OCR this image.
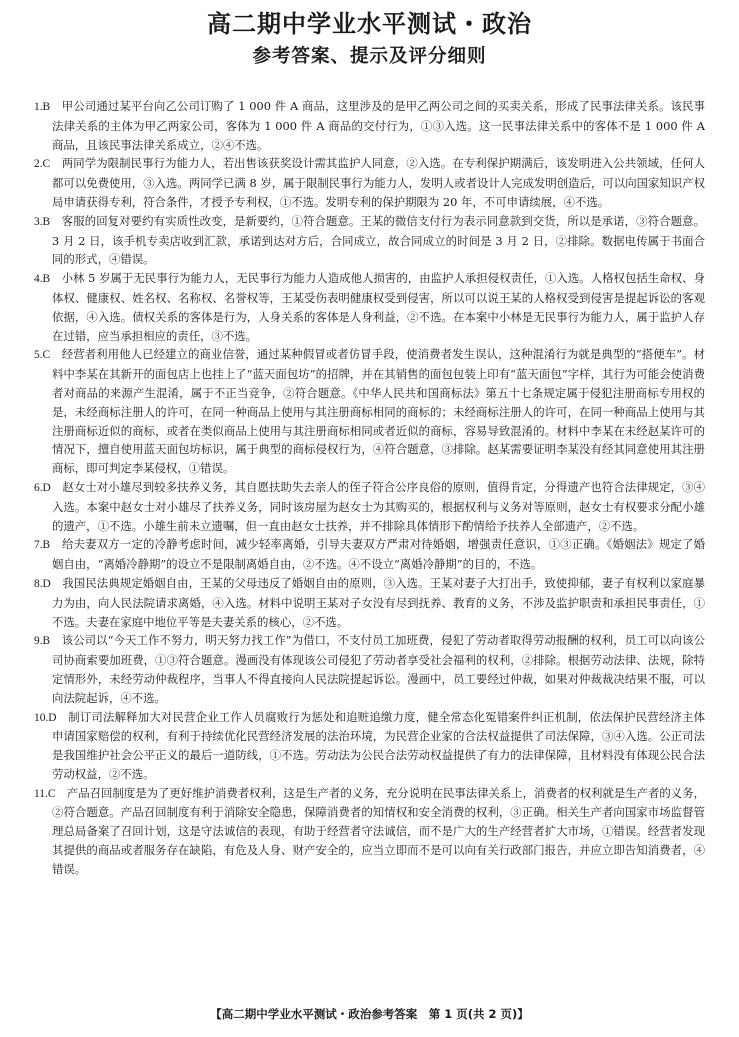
高二期中学业水平测试・政治
参考答案、提示及评分细则
1.B　 甲公司通过某平台向乙公司订购了 1 000 件 A 商品，这里涉及的是甲乙两公司之间的买卖关系，形成了民事法律关系。该民事法律关系的主体为甲乙两家公司，客体为 1 000 件 A 商品的交付行为，①③入选。这一民事法律关系中的客体不是 1 000 件 A 商品，且该民事法律关系成立，②④不选。
2.C　 两同学为限制民事行为能力人，若出售该获奖设计需其监护人同意，②入选。在专利保护期满后，该发明进入公共领域，任何人都可以免费使用，③入选。两同学已满 8 岁，属于限制民事行为能力人，发明人或者设计人完成发明创造后，可以向国家知识产权局申请获得专利，符合条件，才授予专利权，①不选。发明专利的保护期限为 20 年，不可申请续展，④不选。
3.B　 客服的回复对要约有实质性改变，是新要约，①符合题意。王某的微信支付行为表示同意款到交货，所以是承诺，③符合题意。3 月 2 日，该手机专卖店收到汇款，承诺到达对方后，合同成立，故合同成立的时间是 3 月 2 日，②排除。数据电传属于书面合同的形式，④错误。
4.B　 小林 5 岁属于无民事行为能力人，无民事行为能力人造成他人损害的，由监护人承担侵权责任，①入选。人格权包括生命权、身体权、健康权、姓名权、名称权、名誉权等，王某受伤表明健康权受到侵害，所以可以说王某的人格权受到侵害是提起诉讼的客观依据，④入选。债权关系的客体是行为，人身关系的客体是人身利益，②不选。在本案中小林是无民事行为能力人，属于监护人存在过错，应当承担相应的责任，③不选。
5.C　 经营者利用他人已经建立的商业信誉，通过某种假冒或者仿冒手段，使消费者发生误认，这种混淆行为就是典型的“搭便车”。材料中李某在其新开的面包店上也挂上了“蓝天面包坊”的招牌，并在其销售的面包包装上印有“蓝天面包”字样，其行为可能会使消费者对商品的来源产生混淆，属于不正当竞争，②符合题意。《中华人民共和国商标法》第五十七条规定属于侵犯注册商标专用权的是，未经商标注册人的许可，在同一种商品上使用与其注册商标相同的商标的；未经商标注册人的许可，在同一种商品上使用与其注册商标近似的商标，或者在类似商品上使用与其注册商标相同或者近似的商标，容易导致混淆的。材料中李某在未经赵某许可的情况下，擅自使用蓝天面包坊标识，属于典型的商标侵权行为，④符合题意，③排除。赵某需要证明李某没有经其同意使用其注册商标，即可判定李某侵权，①错误。
6.D　 赵女士对小雄尽到较多扶养义务，其自愿扶助失去亲人的侄子符合公序良俗的原则，值得肯定，分得遗产也符合法律规定，③④入选。本案中赵女士对小雄尽了扶养义务，同时该房屋为赵女士为其购买的，根据权利与义务对等原则，赵女士有权要求分配小雄的遗产，①不选。小雄生前未立遗嘱，但一直由赵女士扶养，并不排除具体情形下酌情给予扶养人全部遗产，②不选。
7.B　 给夫妻双方一定的冷静考虑时间，减少轻率离婚，引导夫妻双方严肃对待婚姻，增强责任意识，①③正确。《婚姻法》规定了婚姻自由，“离婚冷静期”的设立不是限制离婚自由，②不选。④不设立“离婚冷静期”的目的，不选。
8.D　 我国民法典规定婚姻自由，王某的父母违反了婚姻自由的原则，③入选。王某对妻子大打出手，致使抑郁，妻子有权利以家庭暴力为由，向人民法院请求离婚，④入选。材料中说明王某对子女没有尽到抚养、教育的义务，不涉及监护职责和承担民事责任，①不选。夫妻在家庭中地位平等是夫妻关系的核心，②不选。
9.B　 该公司以“今天工作不努力，明天努力找工作”为借口，不支付员工加班费，侵犯了劳动者取得劳动报酬的权利，员工可以向该公司协商索要加班费，①③符合题意。漫画没有体现该公司侵犯了劳动者享受社会福利的权利，②排除。根据劳动法律、法规，除特定情形外，未经劳动仲裁程序，当事人不得直接向人民法院提起诉讼。漫画中，员工要经过仲裁，如果对仲裁裁决结果不服，可以向法院起诉，④不选。
10.D　 制订司法解释加大对民营企业工作人员腐败行为惩处和追赃追缴力度，健全常态化冤错案件纠正机制，依法保护民营经济主体申请国家赔偿的权利，有利于持续优化民营经济发展的法治环境，为民营企业家的合法权益提供了司法保障，③④入选。公正司法是我国维护社会公平正义的最后一道防线，①不选。劳动法为公民合法劳动权益提供了有力的法律保障，且材料没有体现公民合法劳动权益，②不选。
11.C　 产品召回制度是为了更好维护消费者权利，这是生产者的义务，充分说明在民事法律关系上，消费者的权利就是生产者的义务，②符合题意。产品召回制度有利于消除安全隐患，保障消费者的知情权和安全消费的权利，③正确。相关生产者向国家市场监督管理总局备案了召回计划，这是守法诚信的表现，有助于经营者守法诚信，而不是广大的生产经营者扩大市场，①错误。经营者发现其提供的商品或者服务存在缺陷，有危及人身、财产安全的，应当立即而不是可以向有关行政部门报告，并应立即告知消费者，④错误。
【高二期中学业水平测试・政治参考答案　第 1 页(共 2 页)】
